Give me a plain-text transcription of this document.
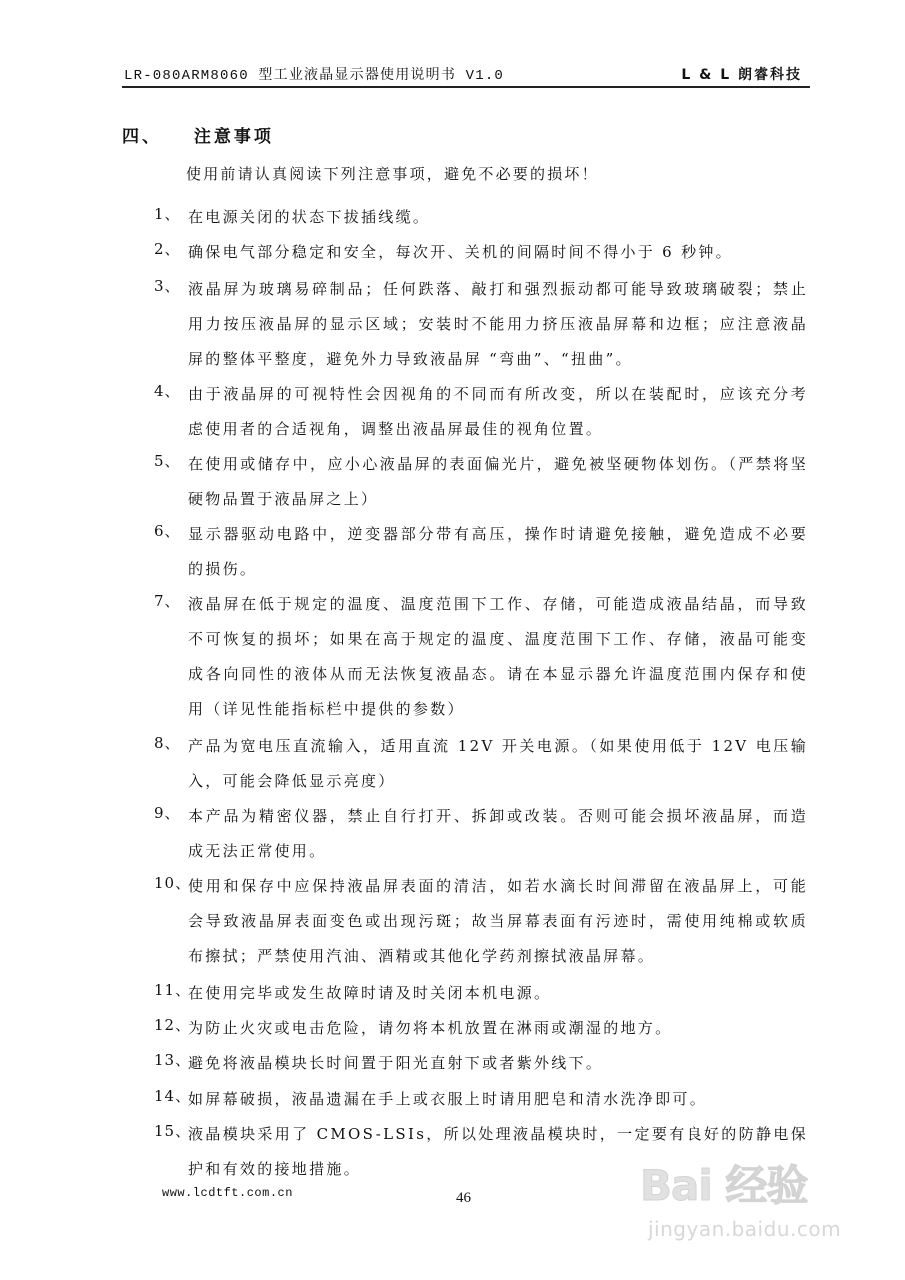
LR-080ARM8060 型工业液晶显示器使用说明书 V1.0	L & L 朗睿科技
四、 注意事项
使用前请认真阅读下列注意事项，避免不必要的损坏！
1、 在电源关闭的状态下拔插线缆。
2、 确保电气部分稳定和安全，每次开、关机的间隔时间不得小于 6 秒钟。
3、 液晶屏为玻璃易碎制品；任何跌落、敲打和强烈振动都可能导致玻璃破裂；禁止用力按压液晶屏的显示区域；安装时不能用力挤压液晶屏幕和边框；应注意液晶屏的整体平整度，避免外力导致液晶屏 “弯曲”、“扭曲”。
4、 由于液晶屏的可视特性会因视角的不同而有所改变，所以在装配时，应该充分考虑使用者的合适视角，调整出液晶屏最佳的视角位置。
5、 在使用或储存中，应小心液晶屏的表面偏光片，避免被坚硬物体划伤。（严禁将坚硬物品置于液晶屏之上）
6、 显示器驱动电路中，逆变器部分带有高压，操作时请避免接触，避免造成不必要的损伤。
7、 液晶屏在低于规定的温度、温度范围下工作、存储，可能造成液晶结晶，而导致不可恢复的损坏；如果在高于规定的温度、温度范围下工作、存储，液晶可能变成各向同性的液体从而无法恢复液晶态。请在本显示器允许温度范围内保存和使用（详见性能指标栏中提供的参数）
8、 产品为宽电压直流输入，适用直流 12V 开关电源。（如果使用低于 12V 电压输入，可能会降低显示亮度）
9、 本产品为精密仪器，禁止自行打开、拆卸或改装。否则可能会损坏液晶屏，而造成无法正常使用。
10、
使用和保存中应保持液晶屏表面的清洁，如若水滴长时间滞留在液晶屏上，可能会导致液晶屏表面变色或出现污斑；故当屏幕表面有污迹时，需使用纯棉或软质布擦拭；严禁使用汽油、酒精或其他化学药剂擦拭液晶屏幕。
11、
在使用完毕或发生故障时请及时关闭本机电源。
12、
为防止火灾或电击危险，请勿将本机放置在淋雨或潮湿的地方。
13、
避免将液晶模块长时间置于阳光直射下或者紫外线下。
14、
如屏幕破损，液晶遗漏在手上或衣服上时请用肥皂和清水洗净即可。
15、
液晶模块采用了 CMOS-LSIs，所以处理液晶模块时，一定要有良好的防静电保护和有效的接地措施。
www.lcdtft.com.cn	46	Bai 经验
jingyan.baidu.com
